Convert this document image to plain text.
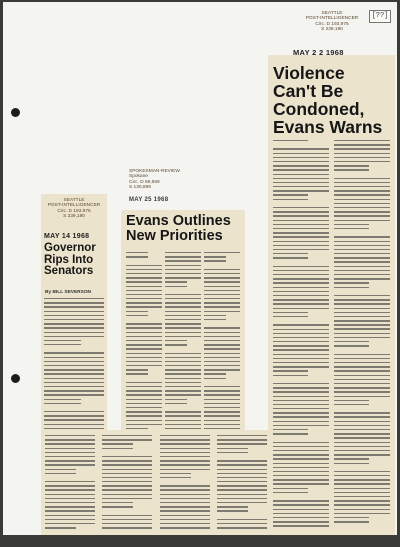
[??]
SEATTLE
POST-INTELLIGENCER
Circ. D 193,975
S 239,190
MAY 2 2 1968
Violence Can't Be Condoned, Evans Warns
SPOKESMAN-REVIEW
Spokane
Circ. D 69,559
S 130,899
MAY 25 1968
Evans Outlines New Priorities
SEATTLE
POST-INTELLIGENCER
Circ. D 193,975
S 239,190
MAY 14 1968
Governor Rips Into Senators
By BILL SEVERSON
